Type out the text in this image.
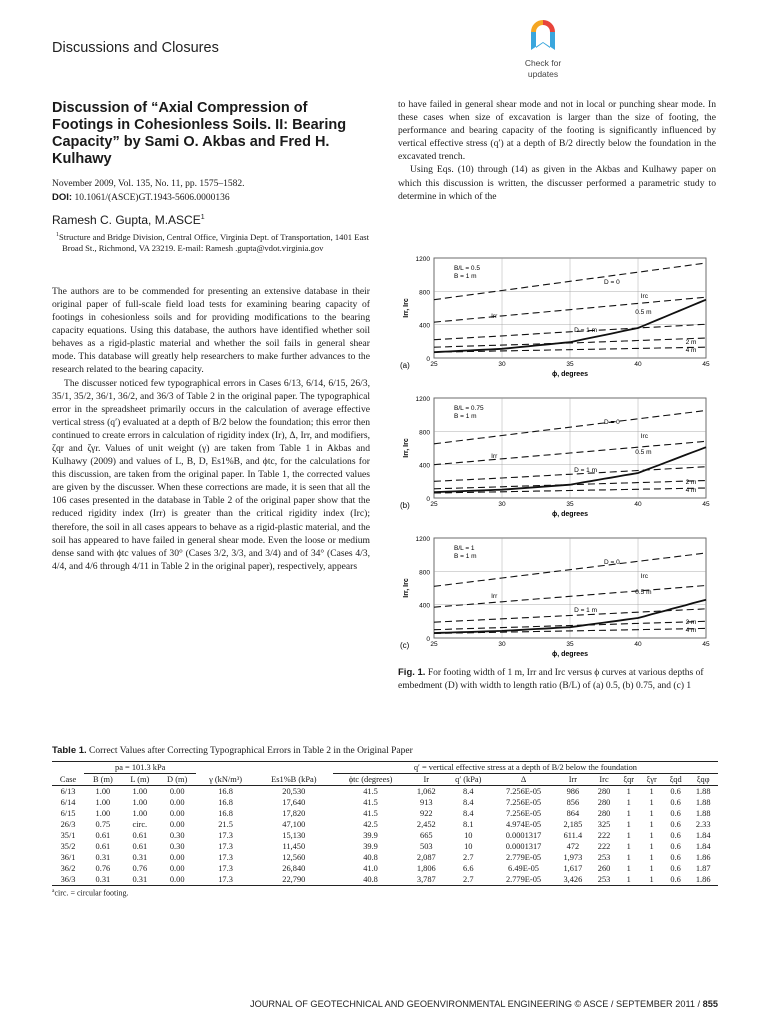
Discussions and Closures
Check for
updates
Discussion of “Axial Compression of Footings in Cohesionless Soils. II: Bearing Capacity” by Sami O. Akbas and Fred H. Kulhawy
November 2009, Vol. 135, No. 11, pp. 1575–1582.
DOI: 10.1061/(ASCE)GT.1943-5606.0000136
Ramesh C. Gupta, M.ASCE$^1$
$^1$Structure and Bridge Division, Central Office, Virginia Dept. of Transportation, 1401 East Broad St., Richmond, VA 23219. E-mail: Ramesh .gupta@vdot.virginia.gov

The authors are to be commended for presenting an extensive database in their original paper of full-scale field load tests for examining bearing capacity of footings in cohesionless soils and for providing modifications to the bearing capacity equations. Using this database, the authors have identified whether soil behaves as a rigid-plastic material and whether the soil fails in general shear mode. This database will greatly help researchers to make further advances to the research related to the bearing capacity.

The discusser noticed few typographical errors in Cases 6/13, 6/14, 6/15, 26/3, 35/1, 35/2, 36/1, 36/2, and 36/3 of Table 2 in the original paper. The typographical error in the spreadsheet primarily occurs in the calculation of average effective vertical stress (q′) evaluated at a depth of B/2 below the foundation; this error then continued to create errors in calculation of rigidity index (Ir), Δ, Irr, and modifiers, ζqr and ζγr. Values of unit weight (γ) are taken from Table 1 in Akbas and Kulhawy (2009) and values of L, B, D, Es1%B, and ϕtc, for the calculations for this discussion, are taken from the original paper. In Table 1, the corrected values are given by the discusser. When these corrections are made, it is seen that all the 106 cases presented in the database in Table 2 of the original paper show that the reduced rigidity index (Irr) is greater than the critical rigidity index (Irc); therefore, the soil in all cases appears to behave as a rigid-plastic material, and the soil has appeared to have failed in general shear mode. Even the loose or medium dense sand with ϕtc values of 30° (Cases 3/2, 3/3, and 3/4) and of 34° (Cases 4/3, 4/4, and 4/6 through 4/11 in Table 2 in the original paper), respectively, appears

to have failed in general shear mode and not in local or punching shear mode. In these cases when size of excavation is larger than the size of footing, the performance and bearing capacity of the footing is significantly influenced by vertical effective stress (q′) at a depth of B/2 directly below the foundation in the excavated trench.

Using Eqs. (10) through (14) as given in the Akbas and Kulhawy paper on which this discussion is written, the discusser performed a parametric study to determine in which of the

0
400
800
1200
25	30	35	40	45
ϕ, degrees
Irr, Irc
(a)
B/L = 0.5
B = 1 m
D = 0
Irc
Irr
0.5 m
D = 1 m
2 m
4 m
0
400
800
1200
25	30	35	40	45
ϕ, degrees
Irr, Irc
(b)
B/L = 0.75
B = 1 m
D = 0
Irc
Irr
0.5 m
D = 1 m
2 m
4 m
0
400
800
1200
25	30	35	40	45
ϕ, degrees
Irr, Irc
(c)
B/L = 1
B = 1 m
D = 0
Irc
Irr
0.5 m
D = 1 m
2 m
4 m
Fig. 1. For footing width of 1 m, Irr and Irc versus ϕ curves at various depths of embedment (D) with width to length ratio (B/L) of (a) 0.5, (b) 0.75, and (c) 1
Table 1. Correct Values after Correcting Typographical Errors in Table 2 in the Original Paper
	pa = 101.3 kPa					q′ = vertical effective stress at a depth of B/2 below the foundation									
Case	B (m)	L (m)	D (m)	γ (kN/m³)	Es1%B (kPa)	ϕtc (degrees)	Ir	q′ (kPa)	Δ	Irr	Irc	ξqr	ξγr	ξqd	ξqφ
6/13	1.00	1.00	0.00	16.8	20,530	41.5	1,062	8.4	7.256E-05	986	280	1	1	0.6	1.88
6/14	1.00	1.00	0.00	16.8	17,640	41.5	913	8.4	7.256E-05	856	280	1	1	0.6	1.88
6/15	1.00	1.00	0.00	16.8	17,820	41.5	922	8.4	7.256E-05	864	280	1	1	0.6	1.88
26/3	0.75	circ.	0.00	21.5	47,100	42.5	2,452	8.1	4.974E-05	2,185	325	1	1	0.6	2.33
35/1	0.61	0.61	0.30	17.3	15,130	39.9	665	10	0.0001317	611.4	222	1	1	0.6	1.84
35/2	0.61	0.61	0.30	17.3	11,450	39.9	503	10	0.0001317	472	222	1	1	0.6	1.84
36/1	0.31	0.31	0.00	17.3	12,560	40.8	2,087	2.7	2.779E-05	1,973	253	1	1	0.6	1.86
36/2	0.76	0.76	0.00	17.3	26,840	41.0	1,806	6.6	6.49E-05	1,617	260	1	1	0.6	1.87
36/3	0.31	0.31	0.00	17.3	22,790	40.8	3,787	2.7	2.779E-05	3,426	253	1	1	0.6	1.86
$^a$circ. = circular footing.
JOURNAL OF GEOTECHNICAL AND GEOENVIRONMENTAL ENGINEERING © ASCE / SEPTEMBER 2011 / 855
